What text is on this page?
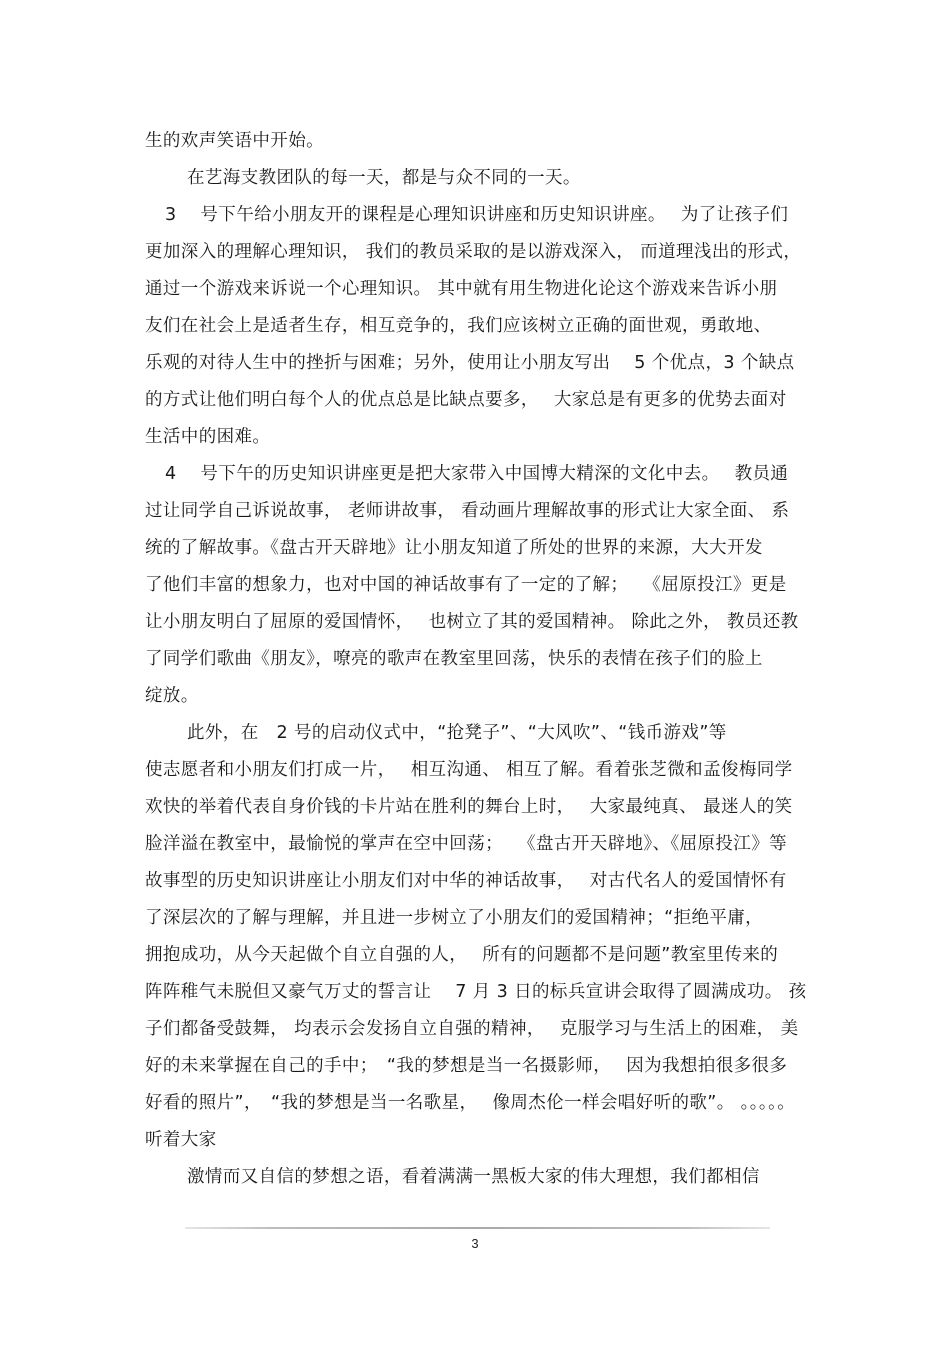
生的欢声笑语中开始。
在艺海支教团队的每一天，都是与众不同的一天。
3　 号下午给小朋友开的课程是心理知识讲座和历史知识讲座。　 为了让孩子们
更加深入的理解心理知识， 我们的教员采取的是以游戏深入， 而道理浅出的形式，
通过一个游戏来诉说一个心理知识。 其中就有用生物进化论这个游戏来告诉小朋
友们在社会上是适者生存，相互竞争的，我们应该树立正确的面世观，勇敢地、
乐观的对待人生中的挫折与困难；另外，使用让小朋友写出　 5 个优点，3 个缺点
的方式让他们明白每个人的优点总是比缺点要多，　 大家总是有更多的优势去面对
生活中的困难。
4　 号下午的历史知识讲座更是把大家带入中国博大精深的文化中去。　 教员通
过让同学自己诉说故事， 老师讲故事， 看动画片理解故事的形式让大家全面、 系
统的了解故事。《盘古开天辟地》让小朋友知道了所处的世界的来源，大大开发
了他们丰富的想象力，也对中国的神话故事有了一定的了解；　 《屈原投江》更是
让小朋友明白了屈原的爱国情怀，　 也树立了其的爱国精神。 除此之外， 教员还教
了同学们歌曲《朋友》，嘹亮的歌声在教室里回荡，快乐的表情在孩子们的脸上
绽放。
此外，在　2 号的启动仪式中，“抢凳子”、“大风吹”、“钱币游戏”等
使志愿者和小朋友们打成一片，　 相互沟通、 相互了解。看着张芝微和孟俊梅同学
欢快的举着代表自身价钱的卡片站在胜利的舞台上时，　 大家最纯真、 最迷人的笑
脸洋溢在教室中，最愉悦的掌声在空中回荡；　 《盘古开天辟地》、《屈原投江》等
故事型的历史知识讲座让小朋友们对中华的神话故事，　 对古代名人的爱国情怀有
了深层次的了解与理解，并且进一步树立了小朋友们的爱国精神；“拒绝平庸，
拥抱成功，从今天起做个自立自强的人，　 所有的问题都不是问题”教室里传来的
阵阵稚气未脱但又豪气万丈的誓言让　 7 月 3 日的标兵宣讲会取得了圆满成功。 孩
子们都备受鼓舞， 均表示会发扬自立自强的精神，　 克服学习与生活上的困难， 美
好的未来掌握在自己的手中；　“我的梦想是当一名摄影师，　 因为我想拍很多很多
好看的照片”，　“我的梦想是当一名歌星，　 像周杰伦一样会唱好听的歌”。 。。。。。
听着大家
激情而又自信的梦想之语，看着满满一黑板大家的伟大理想，我们都相信
3
